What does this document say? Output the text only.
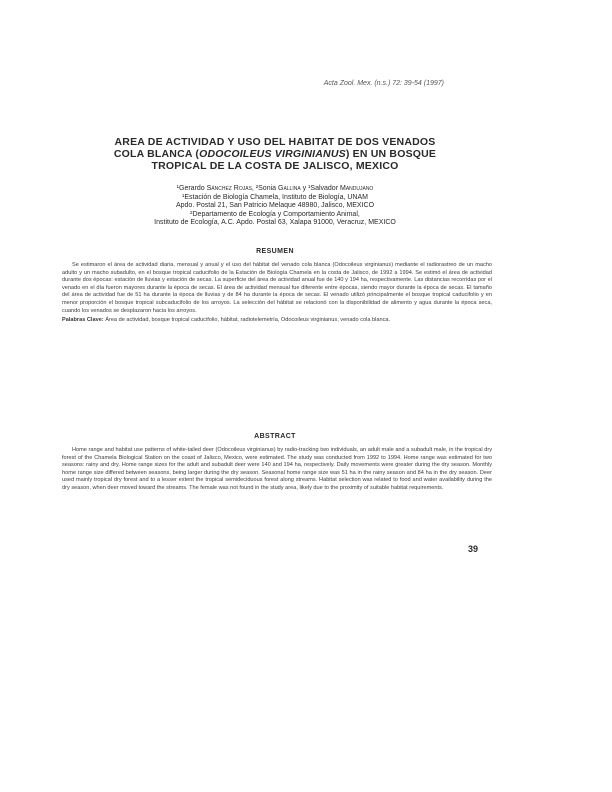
Acta Zool. Mex. (n.s.) 72: 39-54 (1997)
AREA DE ACTIVIDAD Y USO DEL HABITAT DE DOS VENADOS
COLA BLANCA (ODOCOILEUS VIRGINIANUS) EN UN BOSQUE
TROPICAL DE LA COSTA DE JALISCO, MEXICO
¹Gerardo Sánchez Rojas, ²Sonia Gallina y ¹Salvador Mandujano
¹Estación de Biología Chamela, Instituto de Biología, UNAM
Apdo. Postal 21, San Patricio Melaque 48980, Jalisco, MEXICO
²Departamento de Ecología y Comportamiento Animal,
Instituto de Ecología, A.C. Apdo. Postal 63, Xalapa 91000, Veracruz, MEXICO
RESUMEN

Se estimaron el área de actividad diaria, mensual y anual y el uso del hábitat del venado cola blanca (Odocoileus virginianus) mediante el radiorastreo de un macho adulto y un macho subadulto, en el bosque tropical caducifolio de la Estación de Biología Chamela en la costa de Jalisco, de 1992 a 1994. Se estimó el área de actividad durante dos épocas: estación de lluvias y estación de secas. La superficie del área de actividad anual fue de 140 y 194 ha, respectivamente. Las distancias recorridas por el venado en el día fueron mayores durante la época de secas. El área de actividad mensual fue diferente entre épocas, siendo mayor durante la época de secas. El tamaño del área de actividad fue de 51 ha durante la época de lluvias y de 84 ha durante la época de secas. El venado utilizó principalmente el bosque tropical caducifolio y en menor proporción el bosque tropical subcaducifolio de los arroyos. La selección del hábitat se relacionó con la disponibilidad de alimento y agua durante la época seca, cuando los venados se desplazaron hacia los arroyos.

Palabras Clave: Área de actividad, bosque tropical caducifolio, hábitat, radiotelemetría, Odocoileus virginianus, venado cola blanca.

ABSTRACT

Home range and habitat use patterns of white-tailed deer (Odocoileus virginianus) by radio-tracking two individuals, an adult male and a subadult male, in the tropical dry forest of the Chamela Biological Station on the coast of Jalisco, Mexico, were estimated. The study was conducted from 1992 to 1994. Home range was estimated for two seasons: rainy and dry. Home range sizes for the adult and subadult deer were 140 and 194 ha, respectively. Daily movements were greater during the dry season. Monthly home range size differed between seasons, being larger during the dry season. Seasonal home range size was 51 ha in the rainy season and 84 ha in the dry season. Deer used mainly tropical dry forest and to a lesser extent the tropical semideciduous forest along streams. Habitat selection was related to food and water availability during the dry season, when deer moved toward the streams. The female was not found in the study area, likely due to the proximity of suitable habitat requirements.

39
